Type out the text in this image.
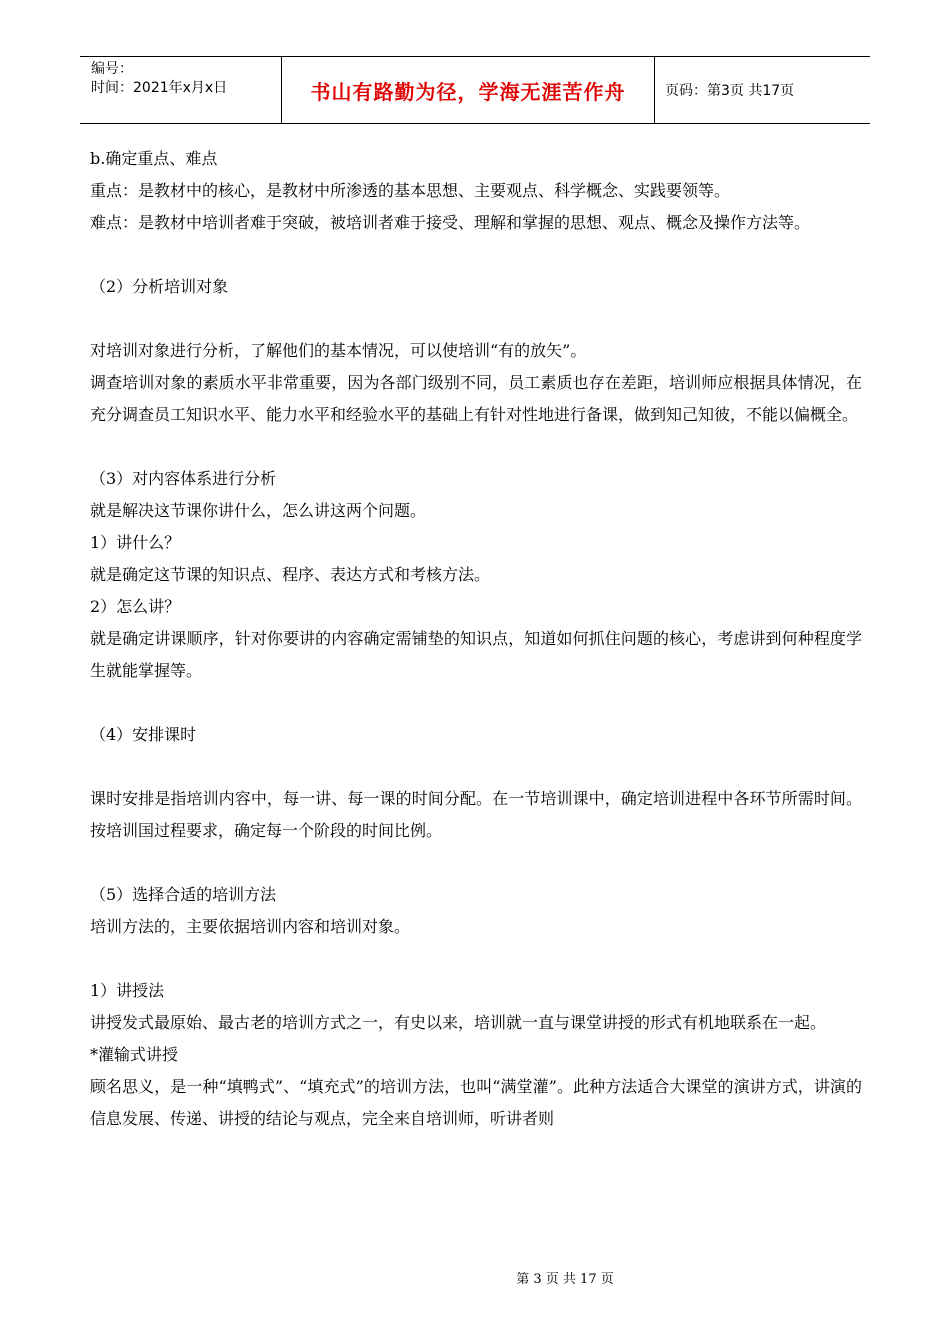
编号：
时间：2021年x月x日	书山有路勤为径，学海无涯苦作舟	页码：第3页 共17页

b.确定重点、难点

重点：是教材中的核心，是教材中所渗透的基本思想、主要观点、科学概念、实践要领等。

难点：是教材中培训者难于突破，被培训者难于接受、理解和掌握的思想、观点、概念及操作方法等。

（2）分析培训对象

对培训对象进行分析，了解他们的基本情况，可以使培训“有的放矢”。

调查培训对象的素质水平非常重要，因为各部门级别不同，员工素质也存在差距，培训师应根据具体情况，在充分调查员工知识水平、能力水平和经验水平的基础上有针对性地进行备课，做到知己知彼，不能以偏概全。

（3）对内容体系进行分析

就是解决这节课你讲什么，怎么讲这两个问题。

1）讲什么？

就是确定这节课的知识点、程序、表达方式和考核方法。

2）怎么讲？

就是确定讲课顺序，针对你要讲的内容确定需铺垫的知识点，知道如何抓住问题的核心，考虑讲到何种程度学生就能掌握等。

（4）安排课时

课时安排是指培训内容中，每一讲、每一课的时间分配。在一节培训课中，确定培训进程中各环节所需时间。按培训国过程要求，确定每一个阶段的时间比例。

（5）选择合适的培训方法

培训方法的，主要依据培训内容和培训对象。

1）讲授法

讲授发式最原始、最古老的培训方式之一，有史以来，培训就一直与课堂讲授的形式有机地联系在一起。

*灌输式讲授

顾名思义，是一种“填鸭式”、“填充式”的培训方法，也叫“满堂灌”。此种方法适合大课堂的演讲方式，讲演的信息发展、传递、讲授的结论与观点，完全来自培训师，听讲者则

第 3 页 共 17 页
